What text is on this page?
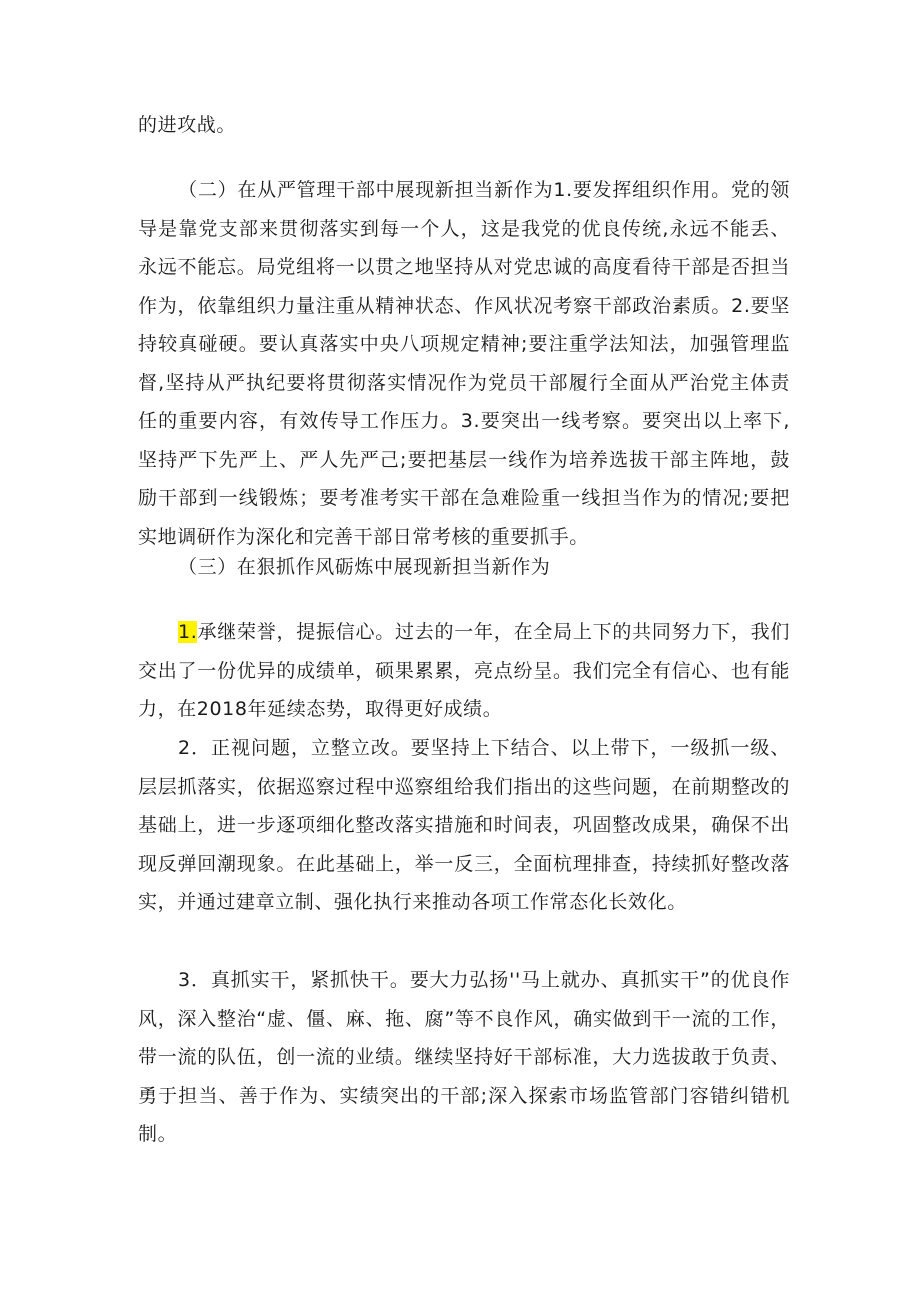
的进攻战。

（二）在从严管理干部中展现新担当新作为1.要发挥组织作用。党的领导是靠党支部来贯彻落实到每一个人，这是我党的优良传统,永远不能丢、永远不能忘。局党组将一以贯之地坚持从对党忠诚的高度看待干部是否担当作为，依靠组织力量注重从精神状态、作风状况考察干部政治素质。2.要坚持较真碰硬。要认真落实中央八项规定精神;要注重学法知法，加强管理监督,坚持从严执纪要将贯彻落实情况作为党员干部履行全面从严治党主体责任的重要内容，有效传导工作压力。3.要突出一线考察。要突出以上率下,坚持严下先严上、严人先严己;要把基层一线作为培养选拔干部主阵地，鼓励干部到一线锻炼；要考准考实干部在急难险重一线担当作为的情况;要把实地调研作为深化和完善干部日常考核的重要抓手。

（三）在狠抓作风砺炼中展现新担当新作为

1.承继荣誉，提振信心。过去的一年，在全局上下的共同努力下，我们交出了一份优异的成绩单，硕果累累，亮点纷呈。我们完全有信心、也有能力，在2018年延续态势，取得更好成绩。

2．正视问题，立整立改。要坚持上下结合、以上带下，一级抓一级、层层抓落实，依据巡察过程中巡察组给我们指出的这些问题，在前期整改的基础上，进一步逐项细化整改落实措施和时间表，巩固整改成果，确保不出现反弹回潮现象。在此基础上，举一反三，全面杭理排查，持续抓好整改落实，并通过建章立制、强化执行来推动各项工作常态化长效化。

3．真抓实干，紧抓快干。要大力弘扬''马上就办、真抓实干”的优良作风，深入整治“虚、僵、麻、拖、腐”等不良作风，确实做到干一流的工作，带一流的队伍，创一流的业绩。继续坚持好干部标准，大力选拔敢于负责、勇于担当、善于作为、实绩突出的干部;深入探索市场监管部门容错纠错机制。
